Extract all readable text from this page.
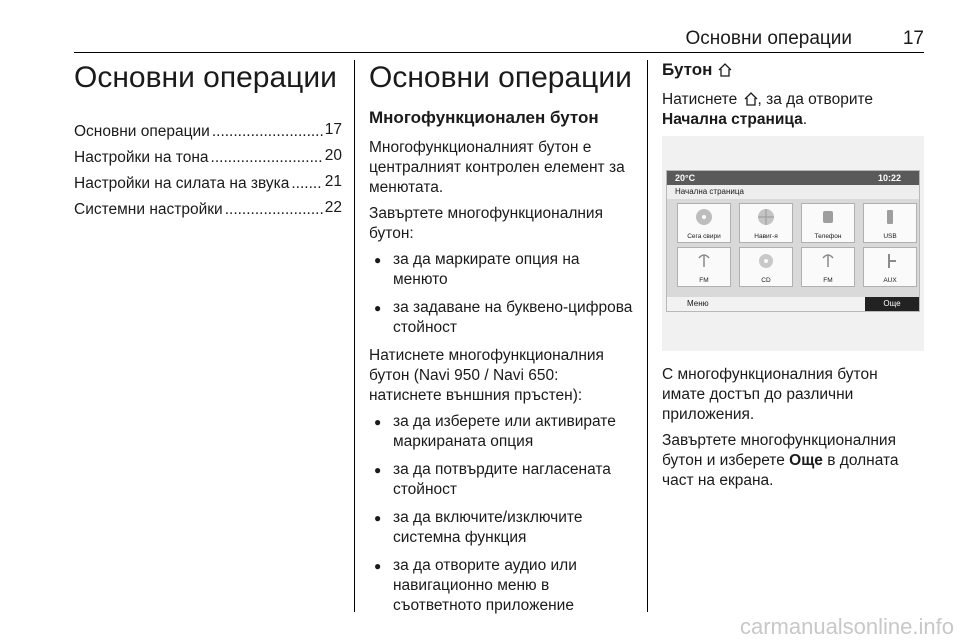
Основни операции	17
Основни операции
Основни операции .....	17
Настройки на тона .....	20
Настройки на силата на звука ..... 21
Системни настройки .....	22
Основни операции
Многофункционален бутон

Многофункционалният бутон е централният контролен елемент за менютата.

Завъртете многофункционалния бутон:

● за да маркирате опция на менюто
● за задаване на буквено-цифрова стойност

Натиснете многофункционалния бутон (Navi 950 / Navi 650: натиснете външния пръстен):

● за да изберете или активирате маркираната опция
● за да потвърдите нагласената стойност
● за да включите/изключите системна функция
● за да отворите аудио или навигационно меню в съответното приложение
Бутон

Натиснете , за да отворите Начална страница.

20°C	10:22
Начална страница
Сега свири	Навиг-я	Телефон	USB
FM	CD	FM	AUX
Меню	Още

С многофункционалния бутон имате достъп до различни приложения.

Завъртете многофункционалния бутон и изберете Още в долната част на екрана.

carmanualsonline.info
